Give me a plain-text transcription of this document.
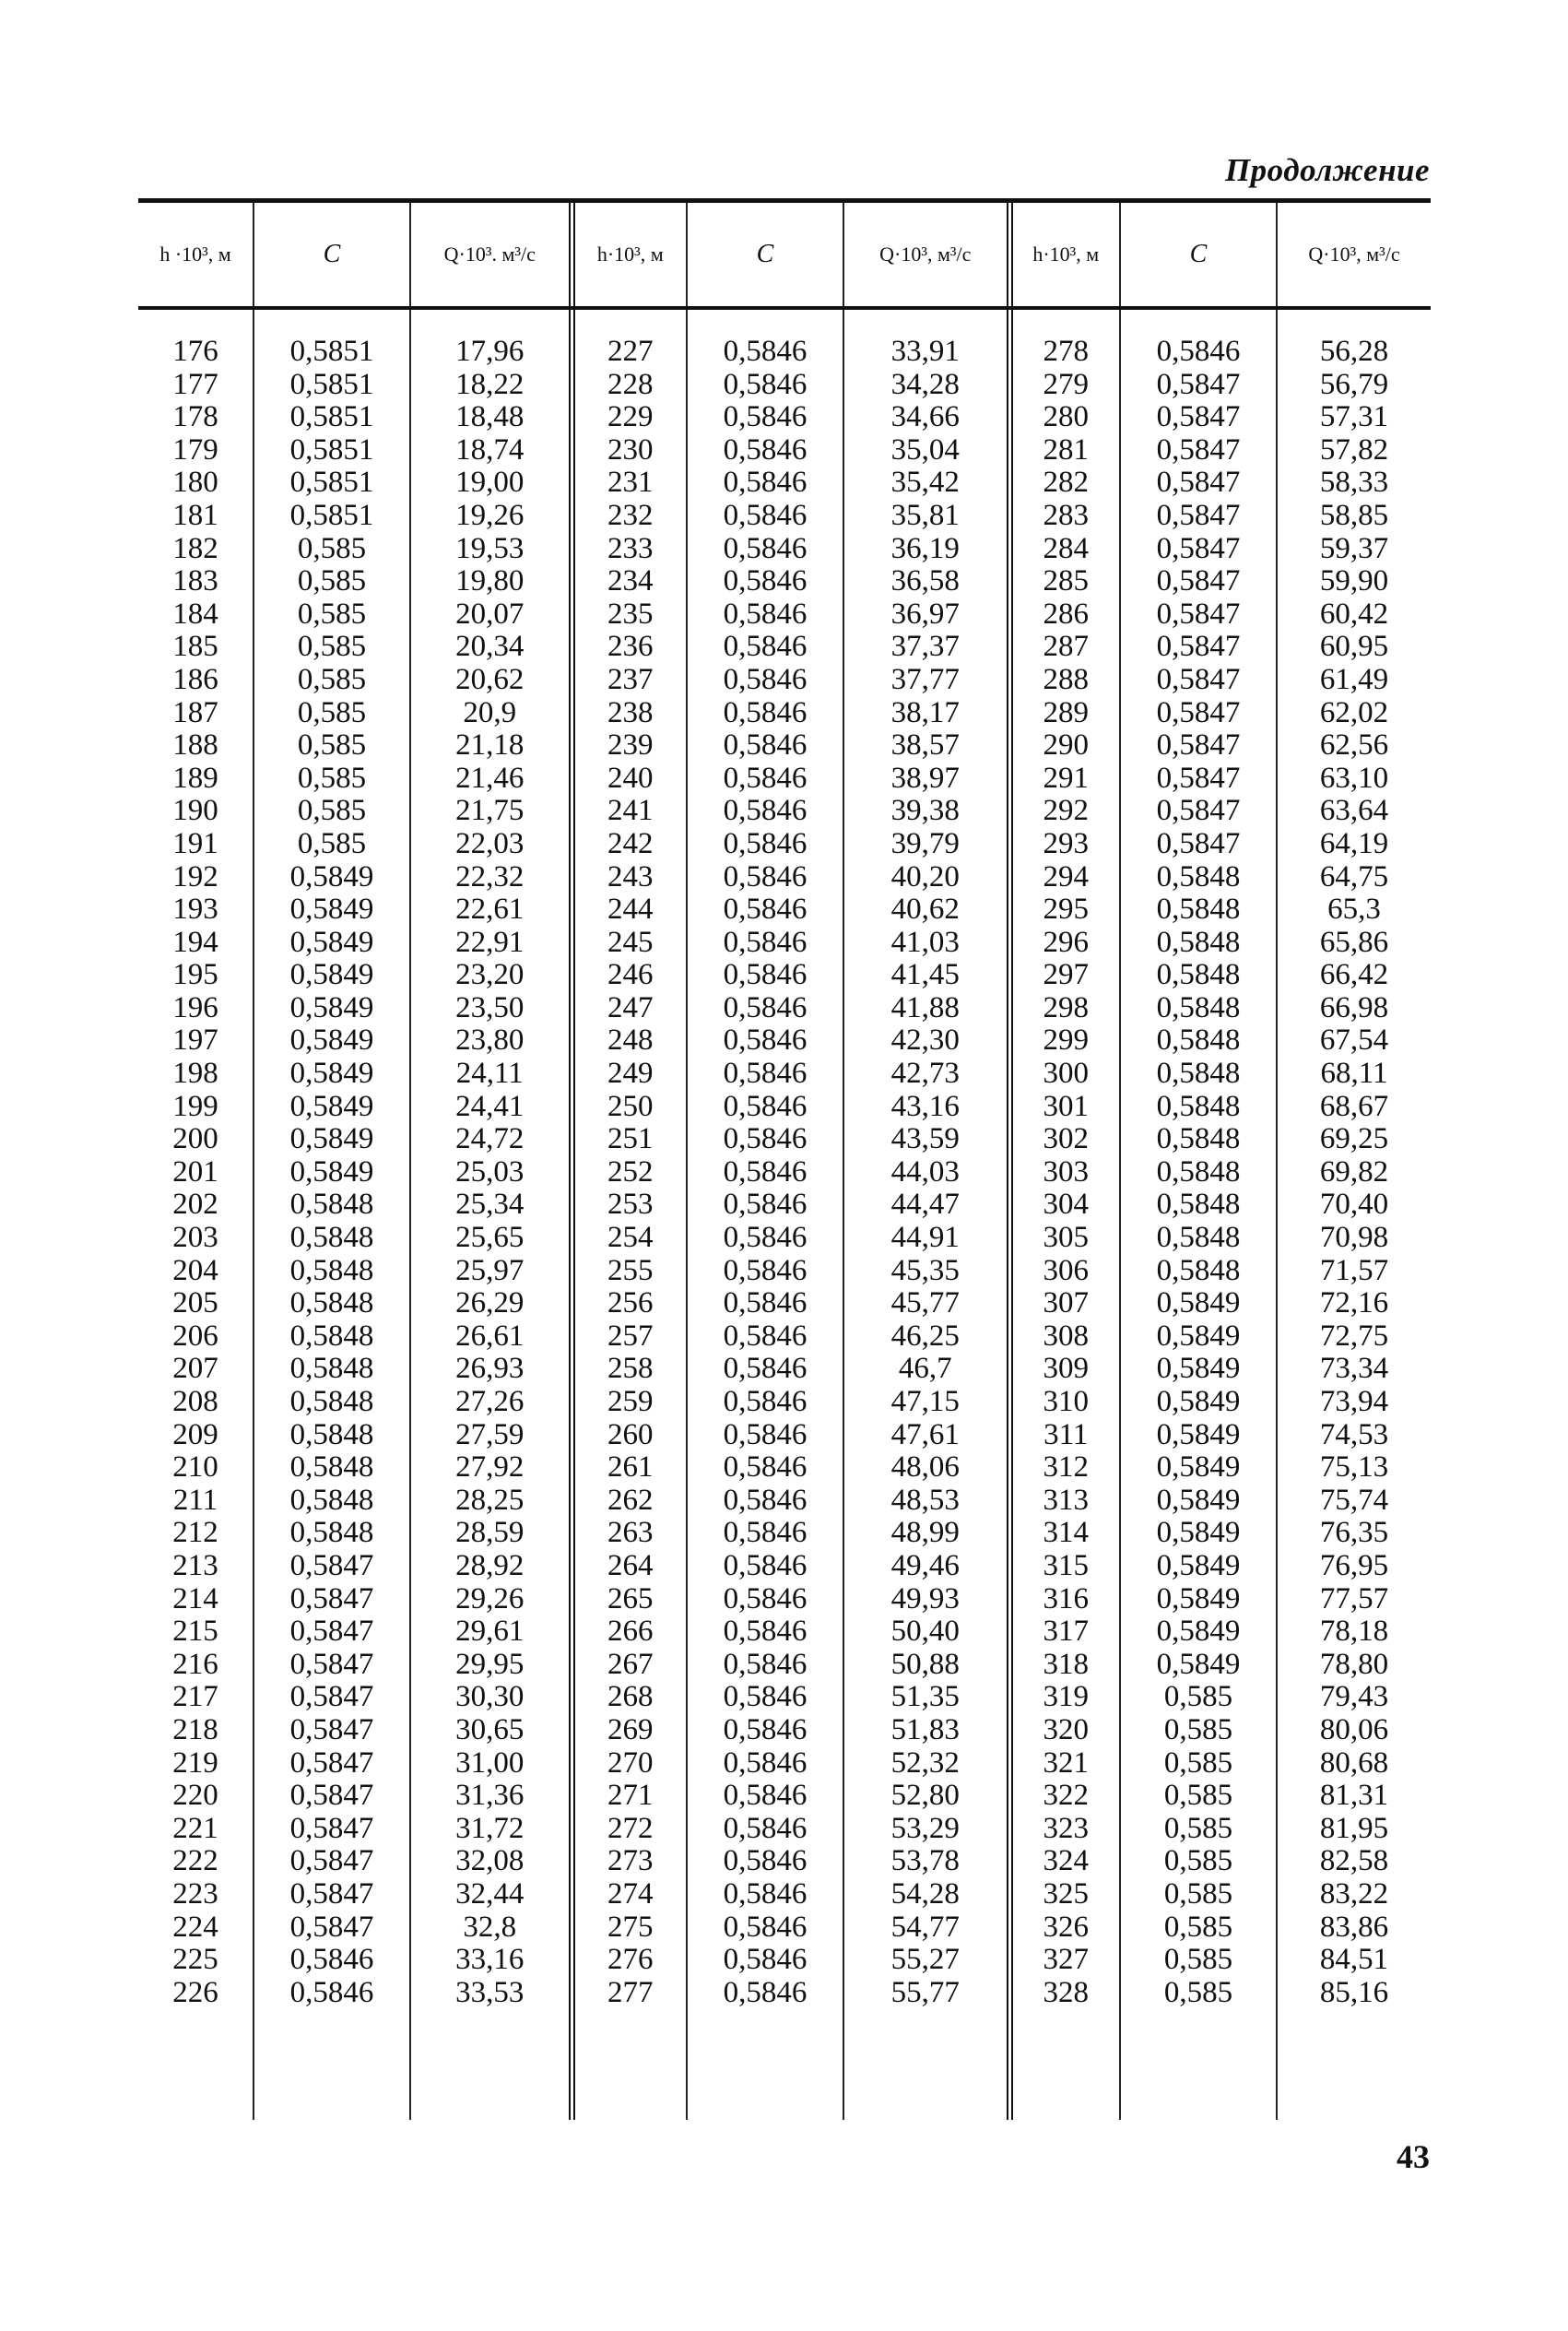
Продолжение
h ·10³, м	C	Q·10³. м³/с	h·10³, м	C	Q·10³, м³/с	h·10³, м	C	Q·10³, м³/с

176	0,5851	17,96	227	0,5846	33,91	278	0,5846	56,28
177	0,5851	18,22	228	0,5846	34,28	279	0,5847	56,79
178	0,5851	18,48	229	0,5846	34,66	280	0,5847	57,31
179	0,5851	18,74	230	0,5846	35,04	281	0,5847	57,82
180	0,5851	19,00	231	0,5846	35,42	282	0,5847	58,33
181	0,5851	19,26	232	0,5846	35,81	283	0,5847	58,85
182	0,585	19,53	233	0,5846	36,19	284	0,5847	59,37
183	0,585	19,80	234	0,5846	36,58	285	0,5847	59,90
184	0,585	20,07	235	0,5846	36,97	286	0,5847	60,42
185	0,585	20,34	236	0,5846	37,37	287	0,5847	60,95
186	0,585	20,62	237	0,5846	37,77	288	0,5847	61,49
187	0,585	20,9	238	0,5846	38,17	289	0,5847	62,02
188	0,585	21,18	239	0,5846	38,57	290	0,5847	62,56
189	0,585	21,46	240	0,5846	38,97	291	0,5847	63,10
190	0,585	21,75	241	0,5846	39,38	292	0,5847	63,64
191	0,585	22,03	242	0,5846	39,79	293	0,5847	64,19
192	0,5849	22,32	243	0,5846	40,20	294	0,5848	64,75
193	0,5849	22,61	244	0,5846	40,62	295	0,5848	65,3
194	0,5849	22,91	245	0,5846	41,03	296	0,5848	65,86
195	0,5849	23,20	246	0,5846	41,45	297	0,5848	66,42
196	0,5849	23,50	247	0,5846	41,88	298	0,5848	66,98
197	0,5849	23,80	248	0,5846	42,30	299	0,5848	67,54
198	0,5849	24,11	249	0,5846	42,73	300	0,5848	68,11
199	0,5849	24,41	250	0,5846	43,16	301	0,5848	68,67
200	0,5849	24,72	251	0,5846	43,59	302	0,5848	69,25
201	0,5849	25,03	252	0,5846	44,03	303	0,5848	69,82
202	0,5848	25,34	253	0,5846	44,47	304	0,5848	70,40
203	0,5848	25,65	254	0,5846	44,91	305	0,5848	70,98
204	0,5848	25,97	255	0,5846	45,35	306	0,5848	71,57
205	0,5848	26,29	256	0,5846	45,77	307	0,5849	72,16
206	0,5848	26,61	257	0,5846	46,25	308	0,5849	72,75
207	0,5848	26,93	258	0,5846	46,7	309	0,5849	73,34
208	0,5848	27,26	259	0,5846	47,15	310	0,5849	73,94
209	0,5848	27,59	260	0,5846	47,61	311	0,5849	74,53
210	0,5848	27,92	261	0,5846	48,06	312	0,5849	75,13
211	0,5848	28,25	262	0,5846	48,53	313	0,5849	75,74
212	0,5848	28,59	263	0,5846	48,99	314	0,5849	76,35
213	0,5847	28,92	264	0,5846	49,46	315	0,5849	76,95
214	0,5847	29,26	265	0,5846	49,93	316	0,5849	77,57
215	0,5847	29,61	266	0,5846	50,40	317	0,5849	78,18
216	0,5847	29,95	267	0,5846	50,88	318	0,5849	78,80
217	0,5847	30,30	268	0,5846	51,35	319	0,585	79,43
218	0,5847	30,65	269	0,5846	51,83	320	0,585	80,06
219	0,5847	31,00	270	0,5846	52,32	321	0,585	80,68
220	0,5847	31,36	271	0,5846	52,80	322	0,585	81,31
221	0,5847	31,72	272	0,5846	53,29	323	0,585	81,95
222	0,5847	32,08	273	0,5846	53,78	324	0,585	82,58
223	0,5847	32,44	274	0,5846	54,28	325	0,585	83,22
224	0,5847	32,8	275	0,5846	54,77	326	0,585	83,86
225	0,5846	33,16	276	0,5846	55,27	327	0,585	84,51
226	0,5846	33,53	277	0,5846	55,77	328	0,585	85,16

43
